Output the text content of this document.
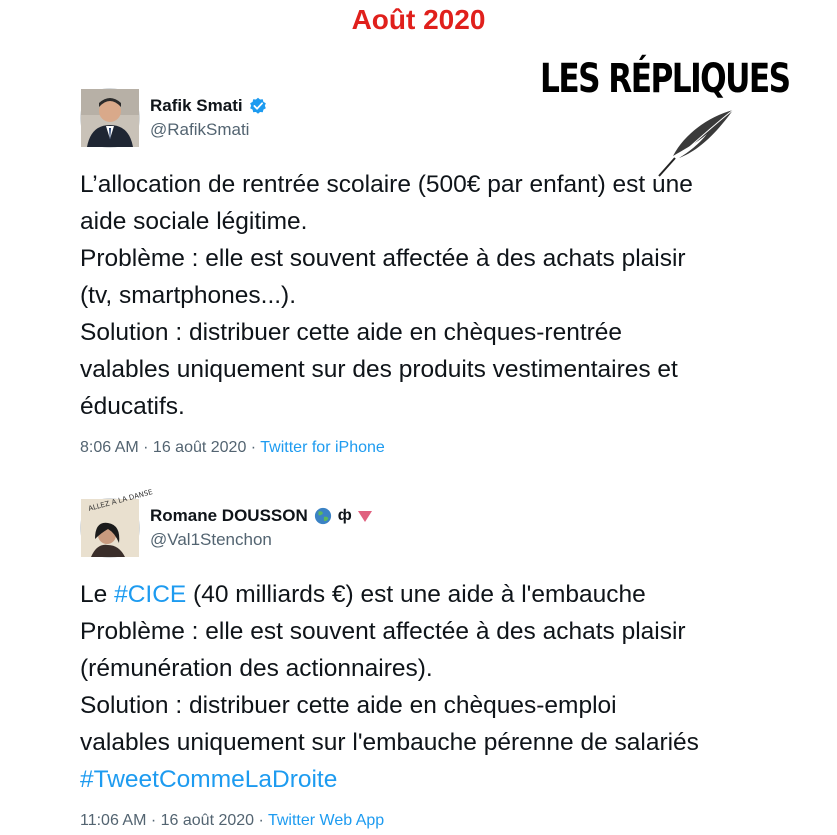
Août 2020
LES RÉPLIQUES
Rafik Smati
@RafikSmati
L’allocation de rentrée scolaire (500€ par enfant) est une
aide sociale légitime.
Problème : elle est souvent affectée à des achats plaisir
(tv, smartphones...).
Solution : distribuer cette aide en chèques-rentrée
valables uniquement sur des produits vestimentaires et
éducatifs.
8:06 AM · 16 août 2020 · Twitter for iPhone
ALLEZ A LA DANSE
Romane DOUSSON ф
@Val1Stenchon
Le #CICE (40 milliards €) est une aide à l'embauche
Problème : elle est souvent affectée à des achats plaisir
(rémunération des actionnaires).
Solution : distribuer cette aide en chèques-emploi
valables uniquement sur l'embauche pérenne de salariés
#TweetCommeLaDroite
11:06 AM · 16 août 2020 · Twitter Web App
